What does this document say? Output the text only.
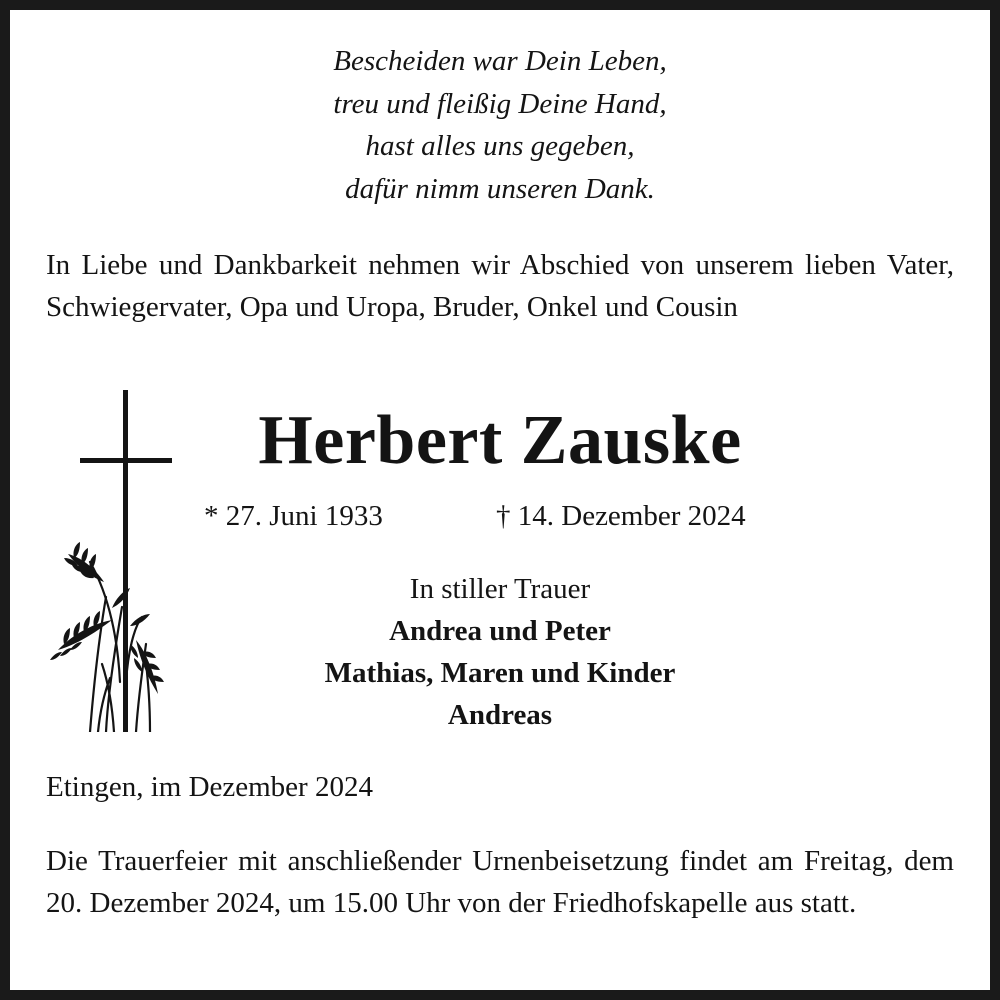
Bescheiden war Dein Leben,
treu und fleißig Deine Hand,
hast alles uns gegeben,
dafür nimm unseren Dank.
In Liebe und Dankbarkeit nehmen wir Abschied von unserem lieben Vater, Schwiegervater, Opa und Uropa, Bruder, Onkel und Cousin
Herbert Zauske
* 27. Juni 1933	† 14. Dezember 2024
In stiller Trauer
Andrea und Peter
Mathias, Maren und Kinder
Andreas
Etingen, im Dezember 2024
Die Trauerfeier mit anschließender Urnenbeisetzung findet am Freitag, dem 20. Dezember 2024, um 15.00 Uhr von der Friedhofskapelle aus statt.
